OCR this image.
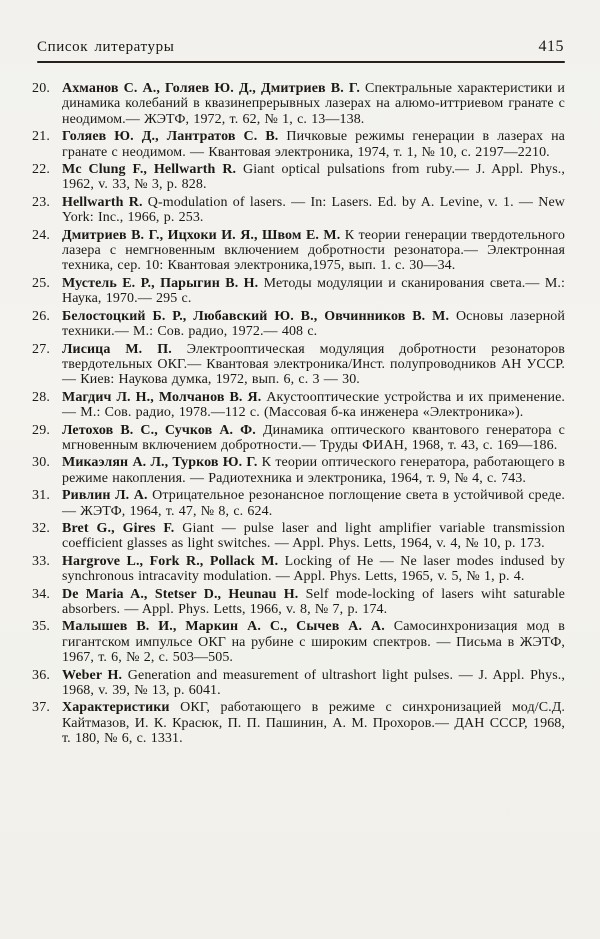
Список литературы	415
20. Ахманов С. А., Голяев Ю. Д., Дмитриев В. Г. Спектральные характеристики и динамика колебаний в квазинепрерывных лазерах на алюмо-иттриевом гранате с неодимом.— ЖЭТФ, 1972, т. 62, № 1, с. 13—138.
21. Голяев Ю. Д., Лантратов С. В. Пичковые режимы генерации в лазерах на гранате с неодимом. — Квантовая электроника, 1974, т. 1, № 10, с. 2197—2210.
22. Mc Clung F., Hellwarth R. Giant optical pulsations from ruby.— J. Appl. Phys., 1962, v. 33, № 3, p. 828.
23. Hellwarth R. Q-modulation of lasers. — In: Lasers. Ed. by A. Levine, v. 1. — New York: Inc., 1966, p. 253.
24. Дмитриев В. Г., Ицхоки И. Я., Швом Е. М. К теории генерации твердотельного лазера с немгновенным включением добротности резонатора.— Электронная техника, сер. 10: Квантовая электроника,1975, вып. 1. с. 30—34.
25. Мустель Е. Р., Парыгин В. Н. Методы модуляции и сканирования света.— М.: Наука, 1970.— 295 с.
26. Белостоцкий Б. Р., Любавский Ю. В., Овчинников В. М. Основы лазерной техники.— М.: Сов. радио, 1972.— 408 с.
27. Лисица М. П. Электрооптическая модуляция добротности резонаторов твердотельных ОКГ.— Квантовая электроника/Инст. полупроводников АН УССР.— Киев: Наукова думка, 1972, вып. 6, с. 3 — 30.
28. Магдич Л. Н., Молчанов В. Я. Акустооптические устройства и их применение.— М.: Сов. радио, 1978.—112 с. (Массовая б-ка инженера «Электроника»).
29. Летохов В. С., Сучков А. Ф. Динамика оптического квантового генератора с мгновенным включением добротности.— Труды ФИАН, 1968, т. 43, с. 169—186.
30. Микаэлян А. Л., Турков Ю. Г. К теории оптического генератора, работающего в режиме накопления. — Радиотехника и электроника, 1964, т. 9, № 4, с. 743.
31. Ривлин Л. А. Отрицательное резонансное поглощение света в устойчивой среде. — ЖЭТФ, 1964, т. 47, № 8, с. 624.
32. Bret G., Gires F. Giant — pulse laser and light amplifier variable transmission coefficient glasses as light switches. — Appl. Phys. Letts, 1964, v. 4, № 10, p. 173.
33. Hargrove L., Fork R., Pollack M. Locking of He — Ne laser modes indused by synchronous intracavity modulation. — Appl. Phys. Letts, 1965, v. 5, № 1, p. 4.
34. De Maria A., Stetser D., Heunau H. Self mode-locking of lasers wiht saturable absorbers. — Appl. Phys. Letts, 1966, v. 8, № 7, p. 174.
35. Малышев В. И., Маркин А. С., Сычев А. А. Самосинхронизация мод в гигантском импульсе ОКГ на рубине с широким спектров. — Письма в ЖЭТФ, 1967, т. 6, № 2, с. 503—505.
36. Weber H. Generation and measurement of ultrashort light pulses. — J. Appl. Phys., 1968, v. 39, № 13, p. 6041.
37. Характеристики ОКГ, работающего в режиме с синхронизацией мод/С.Д. Кайтмазов, И. К. Красюк, П. П. Пашинин, А. М. Прохоров.— ДАН СССР, 1968, т. 180, № 6, с. 1331.
